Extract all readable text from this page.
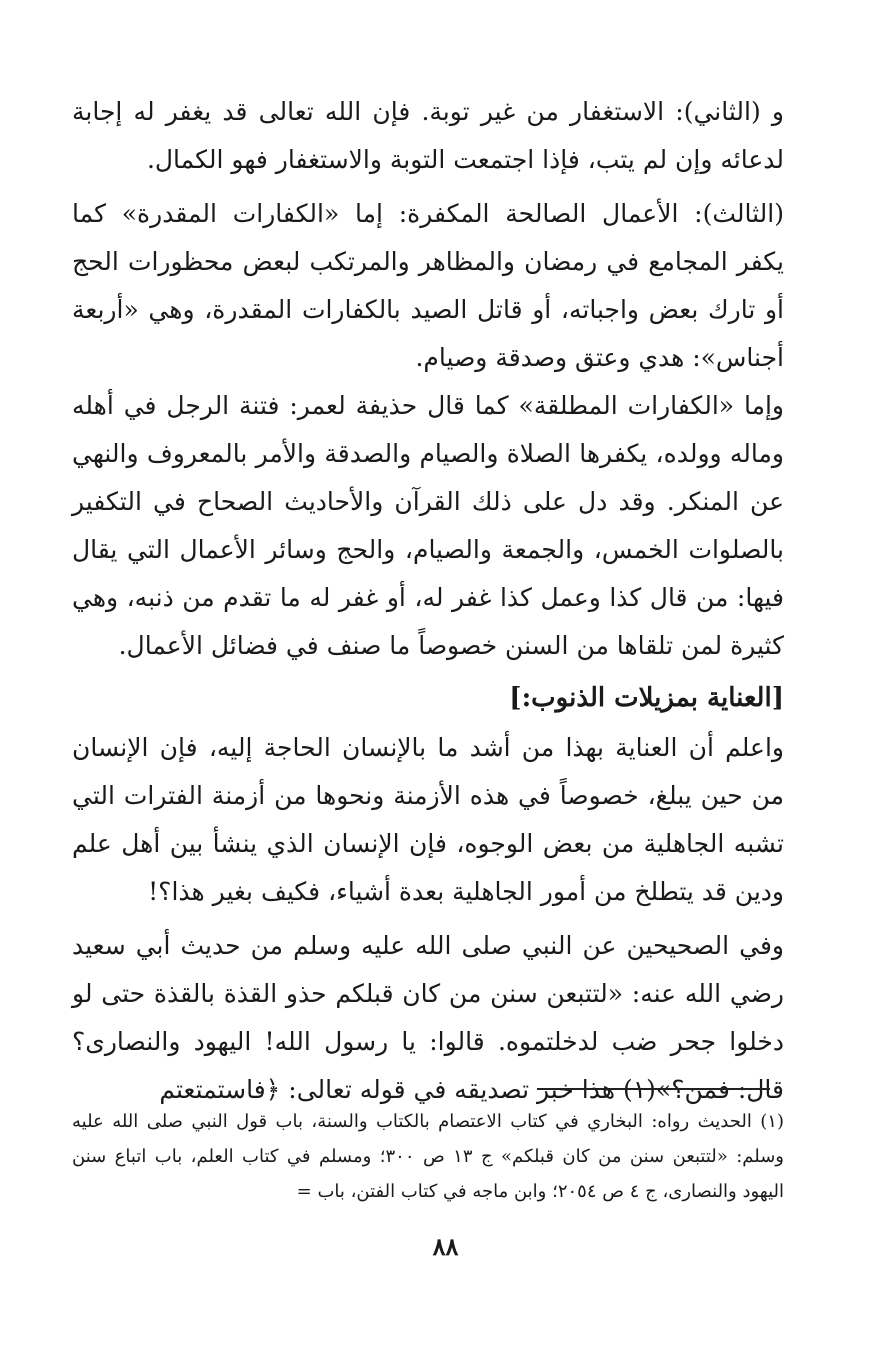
و (الثاني): الاستغفار من غير توبة. فإن الله تعالى قد يغفر له إجابة لدعائه وإن لم يتب، فإذا اجتمعت التوبة والاستغفار فهو الكمال.

(الثالث): الأعمال الصالحة المكفرة: إما «الكفارات المقدرة» كما يكفر المجامع في رمضان والمظاهر والمرتكب لبعض محظورات الحج أو تارك بعض واجباته، أو قاتل الصيد بالكفارات المقدرة، وهي «أربعة أجناس»: هدي وعتق وصدقة وصيام.

وإما «الكفارات المطلقة» كما قال حذيفة لعمر: فتنة الرجل في أهله وماله وولده، يكفرها الصلاة والصيام والصدقة والأمر بالمعروف والنهي عن المنكر. وقد دل على ذلك القرآن والأحاديث الصحاح في التكفير بالصلوات الخمس، والجمعة والصيام، والحج وسائر الأعمال التي يقال فيها: من قال كذا وعمل كذا غفر له، أو غفر له ما تقدم من ذنبه، وهي كثيرة لمن تلقاها من السنن خصوصاً ما صنف في فضائل الأعمال.

[العناية بمزيلات الذنوب:]

واعلم أن العناية بهذا من أشد ما بالإنسان الحاجة إليه، فإن الإنسان من حين يبلغ، خصوصاً في هذه الأزمنة ونحوها من أزمنة الفترات التي تشبه الجاهلية من بعض الوجوه، فإن الإنسان الذي ينشأ بين أهل علم ودين قد يتطلخ من أمور الجاهلية بعدة أشياء، فكيف بغير هذا؟!

وفي الصحيحين عن النبي صلى الله عليه وسلم من حديث أبي سعيد رضي الله عنه: «لتتبعن سنن من كان قبلكم حذو القذة بالقذة حتى لو دخلوا جحر ضب لدخلتموه. قالوا: يا رسول الله! اليهود والنصارى؟ قال: فمن؟»(١) هذا خبر تصديقه في قوله تعالى: ﴿فاستمتعتم

(١) الحديث رواه: البخاري في كتاب الاعتصام بالكتاب والسنة، باب قول النبي صلى الله عليه وسلم: «لتتبعن سنن من كان قبلكم» ج ١٣ ص ٣٠٠؛ ومسلم في كتاب العلم، باب اتباع سنن اليهود والنصارى، ج ٤ ص ٢٠٥٤؛ وابن ماجه في كتاب الفتن، باب =

٨٨
